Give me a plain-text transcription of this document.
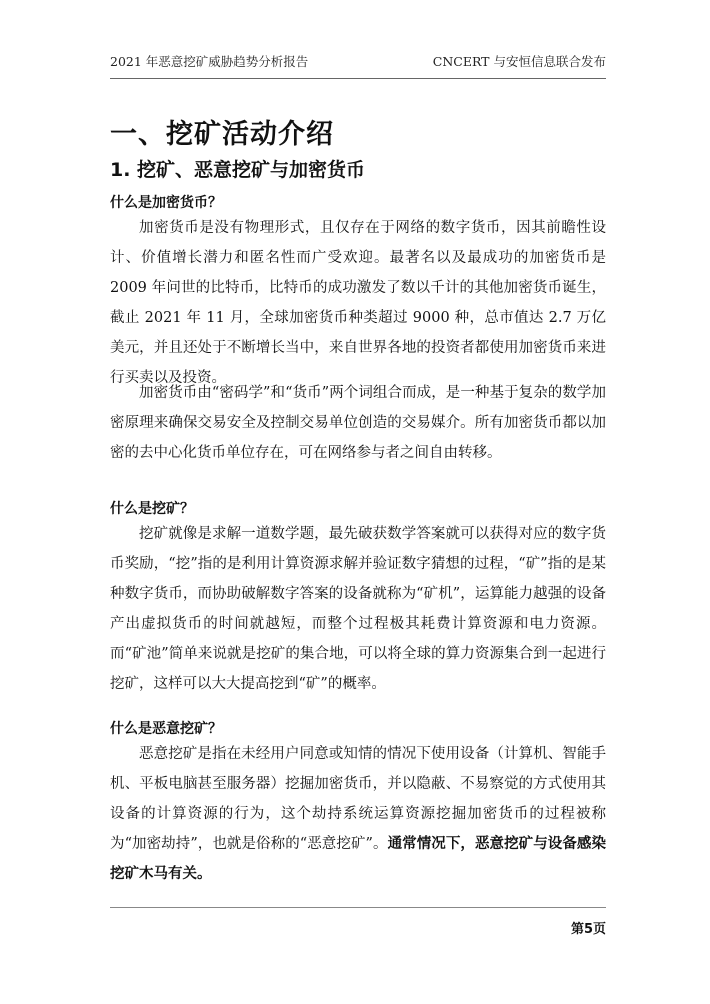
2021 年恶意挖矿威胁趋势分析报告	CNCERT 与安恒信息联合发布
一、挖矿活动介绍
1. 挖矿、恶意挖矿与加密货币
什么是加密货币？

加密货币是没有物理形式，且仅存在于网络的数字货币，因其前瞻性设计、价值增长潜力和匿名性而广受欢迎。最著名以及最成功的加密货币是 2009 年问世的比特币，比特币的成功激发了数以千计的其他加密货币诞生，截止 2021 年 11 月，全球加密货币种类超过 9000 种，总市值达 2.7 万亿美元，并且还处于不断增长当中，来自世界各地的投资者都使用加密货币来进行买卖以及投资。

加密货币由“密码学”和“货币”两个词组合而成，是一种基于复杂的数学加密原理来确保交易安全及控制交易单位创造的交易媒介。所有加密货币都以加密的去中心化货币单位存在，可在网络参与者之间自由转移。

什么是挖矿？

挖矿就像是求解一道数学题，最先破获数学答案就可以获得对应的数字货币奖励，“挖”指的是利用计算资源求解并验证数字猜想的过程，“矿”指的是某种数字货币，而协助破解数字答案的设备就称为“矿机”，运算能力越强的设备产出虚拟货币的时间就越短，而整个过程极其耗费计算资源和电力资源。而“矿池”简单来说就是挖矿的集合地，可以将全球的算力资源集合到一起进行挖矿，这样可以大大提高挖到“矿”的概率。

什么是恶意挖矿？

恶意挖矿是指在未经用户同意或知情的情况下使用设备（计算机、智能手机、平板电脑甚至服务器）挖掘加密货币，并以隐蔽、不易察觉的方式使用其设备的计算资源的行为，这个劫持系统运算资源挖掘加密货币的过程被称为“加密劫持”，也就是俗称的“恶意挖矿”。通常情况下，恶意挖矿与设备感染挖矿木马有关。

第5页
